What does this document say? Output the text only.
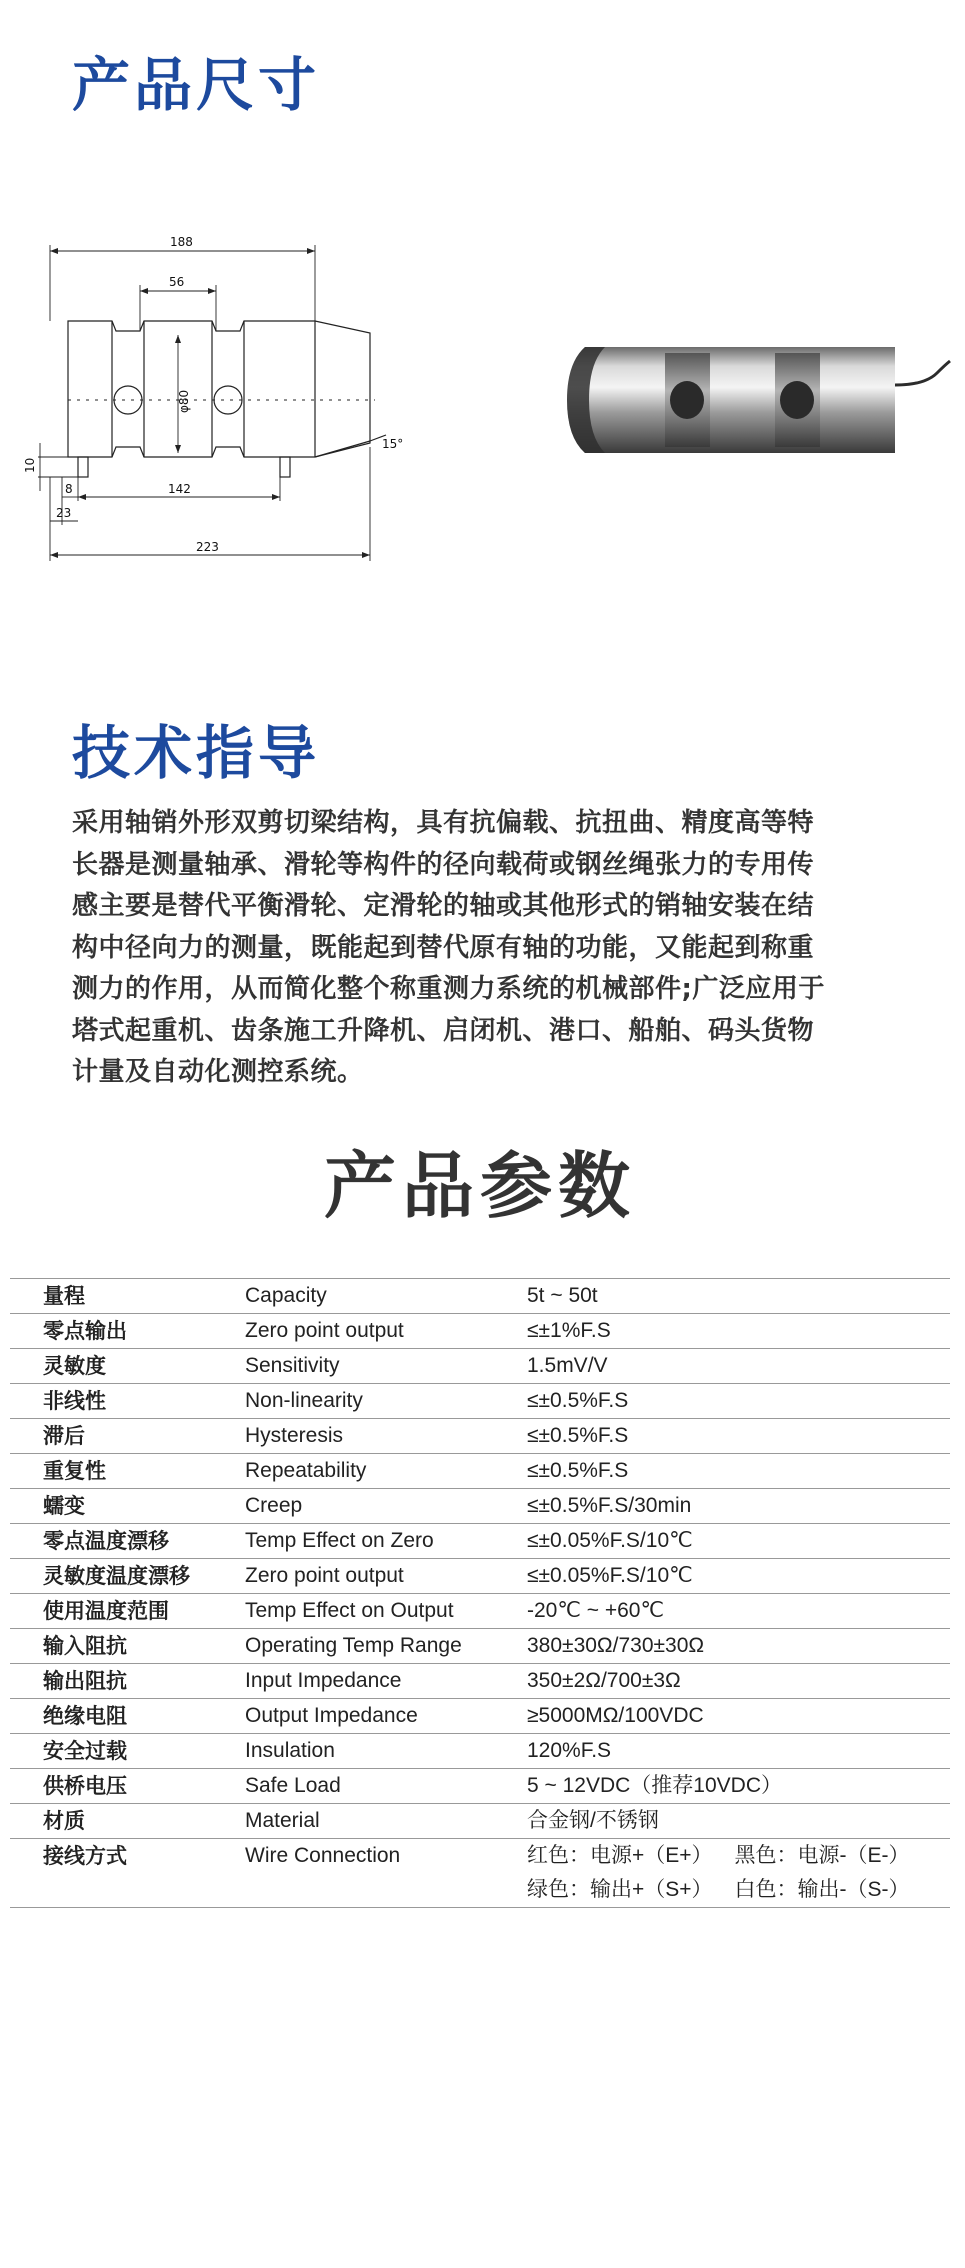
产品尺寸
188
56
φ80
15°
10
8	142
23
223
技术指导

采用轴销外形双剪切梁结构，具有抗偏载、抗扭曲、精度高等特
长器是测量轴承、滑轮等构件的径向载荷或钢丝绳张力的专用传
感主要是替代平衡滑轮、定滑轮的轴或其他形式的销轴安装在结
构中径向力的测量，既能起到替代原有轴的功能，又能起到称重
测力的作用，从而简化整个称重测力系统的机械部件;广泛应用于
塔式起重机、齿条施工升降机、启闭机、港口、船舶、码头货物
计量及自动化测控系统。

产品参数
量程	Capacity	5t ~ 50t
零点输出	Zero point output	≤±1%F.S
灵敏度	Sensitivity	1.5mV/V
非线性	Non-linearity	≤±0.5%F.S
滞后	Hysteresis	≤±0.5%F.S
重复性	Repeatability	≤±0.5%F.S
蠕变	Creep	≤±0.5%F.S/30min
零点温度漂移	Temp Effect on Zero	≤±0.05%F.S/10℃
灵敏度温度漂移	Zero point output	≤±0.05%F.S/10℃
使用温度范围	Temp Effect on Output	-20℃ ~ +60℃
输入阻抗	Operating Temp Range	380±30Ω/730±30Ω
输出阻抗	Input Impedance	350±2Ω/700±3Ω
绝缘电阻	Output Impedance	≥5000MΩ/100VDC
安全过载	Insulation	120%F.S
供桥电压	Safe Load	5 ~ 12VDC（推荐10VDC）
材质	Material	合金钢/不锈钢
接线方式	Wire Connection	红色：电源+（E+） 黑色：电源-（E-）
绿色：输出+（S+） 白色：输出-（S-）
